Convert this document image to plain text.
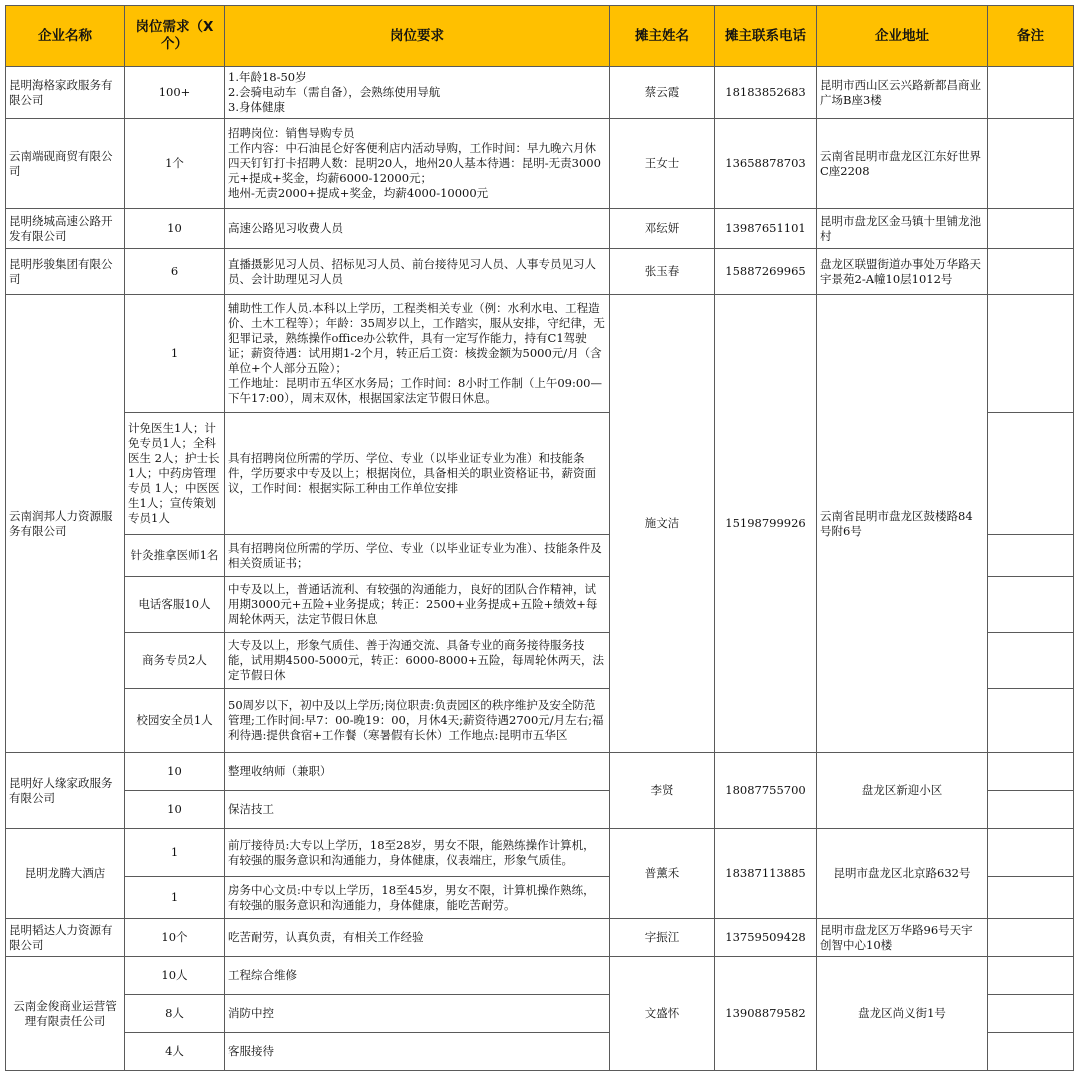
企业名称	岗位需求（X个）	岗位要求	摊主姓名	摊主联系电话	企业地址	备注
昆明海格家政服务有限公司	100+	1.年龄18-50岁
2.会骑电动车（需自备），会熟练使用导航
3.身体健康	蔡云霞	18183852683	昆明市西山区云兴路新都昌商业广场B座3楼	
云南端砚商贸有限公司	1个	招聘岗位：销售导购专员
工作内容：中石油昆仑好客便利店内活动导购，工作时间：早九晚六月休四天钉钉打卡招聘人数：昆明20人，地州20人基本待遇：昆明-无责3000元+提成+奖金，均薪6000-12000元；
地州-无责2000+提成+奖金，均薪4000-10000元	王女士	13658878703	云南省昆明市盘龙区江东好世界C座2208	
昆明绕城高速公路开发有限公司	10	高速公路见习收费人员	邓纭妍	13987651101	昆明市盘龙区金马镇十里铺龙池村	
昆明彤骏集团有限公司	6	直播摄影见习人员、招标见习人员、前台接待见习人员、人事专员见习人员、会计助理见习人员	张玉春	15887269965	盘龙区联盟街道办事处万华路天宇景苑2-A幢10层1012号	
云南润邦人力资源服务有限公司	1	辅助性工作人员.本科以上学历，工程类相关专业（例：水利水电、工程造价、土木工程等）；年龄：35周岁以上，工作踏实，服从安排，守纪律，无犯罪记录，熟练操作office办公软件，具有一定写作能力，持有C1驾驶证；薪资待遇：试用期1-2个月，转正后工资：核拨金额为5000元/月（含单位+个人部分五险）；
工作地址：昆明市五华区水务局；工作时间：8小时工作制（上午09:00—下午17:00），周末双休，根据国家法定节假日休息。	施文洁	15198799926	云南省昆明市盘龙区鼓楼路84号附6号	
	计免医生1人；计免专员1人；全科医生 2人；护士长 1人；中药房管理专员 1人；中医医生1人；宣传策划专员1人	具有招聘岗位所需的学历、学位、专业（以毕业证专业为准）和技能条件，学历要求中专及以上；根据岗位，具备相关的职业资格证书，薪资面议，工作时间：根据实际工种由工作单位安排				
	针灸推拿医师1名	具有招聘岗位所需的学历、学位、专业（以毕业证专业为准）、技能条件及相关资质证书；				
	电话客服10人	中专及以上，普通话流利、有较强的沟通能力，良好的团队合作精神，试用期3000元+五险+业务提成；转正：2500+业务提成+五险+绩效+每周轮休两天，法定节假日休息				
	商务专员2人	大专及以上，形象气质佳、善于沟通交流、具备专业的商务接待服务技能，试用期4500-5000元，转正：6000-8000+五险，每周轮休两天，法定节假日休				
	校园安全员1人	50周岁以下，初中及以上学历;岗位职责:负责园区的秩序维护及安全防范管理;工作时间:早7：00-晚19：00，月休4天;薪资待遇2700元/月左右;福利待遇:提供食宿+工作餐（寒暑假有长休）工作地点:昆明市五华区				
昆明好人缘家政服务有限公司	10	整理收纳师（兼职）	李贤	18087755700	盘龙区新迎小区	
	10	保洁技工				
昆明龙腾大酒店	1	前厅接待员:大专以上学历，18至28岁，男女不限，能熟练操作计算机，有较强的服务意识和沟通能力，身体健康，仪表端庄，形象气质佳。	普薰禾	18387113885	昆明市盘龙区北京路632号	
	1	房务中心文员:中专以上学历，18至45岁，男女不限，计算机操作熟练，有较强的服务意识和沟通能力，身体健康，能吃苦耐劳。				
昆明韬达人力资源有限公司	10个	吃苦耐劳，认真负责，有相关工作经验	字振江	13759509428	昆明市盘龙区万华路96号天宇创智中心10楼	
云南金俊商业运营管理有限责任公司	10人	工程综合维修	文盛怀	13908879582	盘龙区尚义街1号	
	8人	消防中控				
	4人	客服接待				
